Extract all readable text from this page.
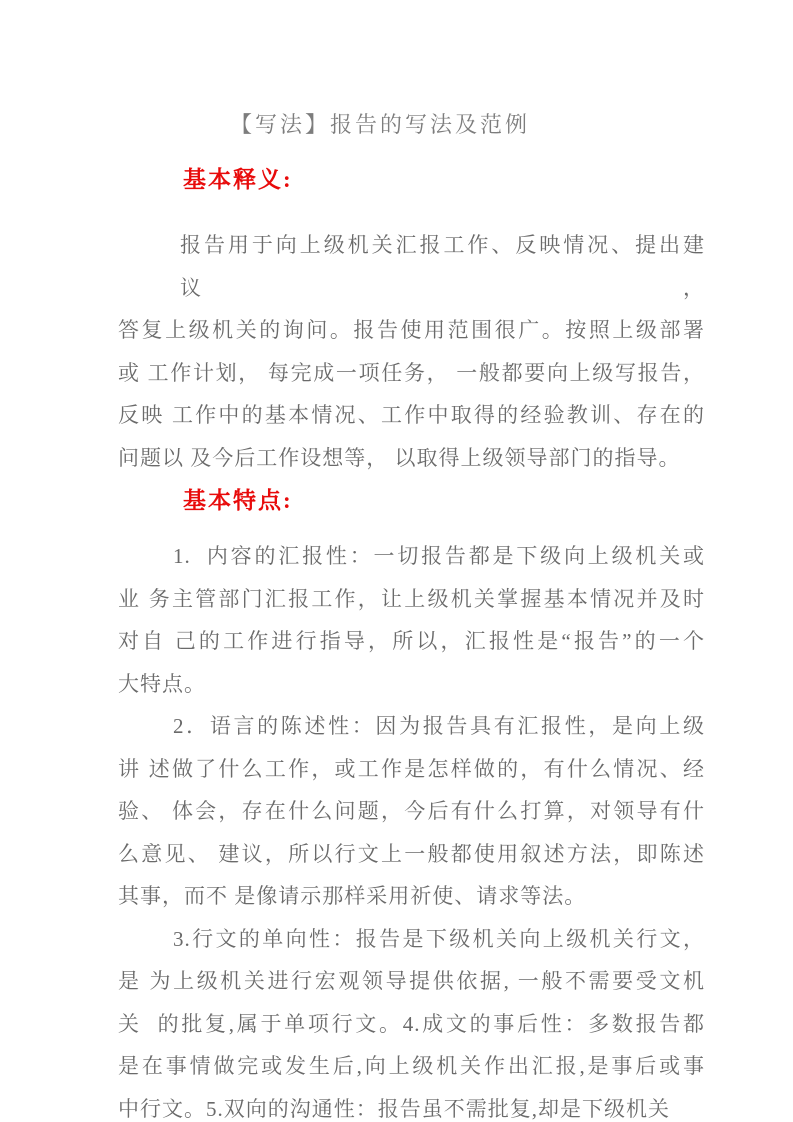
【写法】报告的写法及范例
基本释义:
报告用于向上级机关汇报工作、反映情况、提出建议，
答复上级机关的询问。报告使用范围很广。按照上级部署
或 工作计划， 每完成一项任务， 一般都要向上级写报告，
反映 工作中的基本情况、工作中取得的经验教训、存在的
问题以 及今后工作设想等， 以取得上级领导部门的指导。
基本特点:
1.  内容的汇报性：一切报告都是下级向上级机关或
业 务主管部门汇报工作，让上级机关掌握基本情况并及时
对自 己的工作进行指导，所以，汇报性是“报告”的一个
大特点。
2．语言的陈述性：因为报告具有汇报性，是向上级
讲 述做了什么工作，或工作是怎样做的，有什么情况、经
验、 体会，存在什么问题，今后有什么打算，对领导有什
么意见、 建议，所以行文上一般都使用叙述方法，即陈述
其事，而不 是像请示那样采用祈使、请求等法。
3.行文的单向性：报告是下级机关向上级机关行文，
是 为上级机关进行宏观领导提供依据, 一般不需要受文机
关  的批复,属于单项行文。4.成文的事后性：多数报告都
是在事情做完或发生后,向上级机关作出汇报,是事后或事
中行文。5.双向的沟通性：报告虽不需批复,却是下级机关
